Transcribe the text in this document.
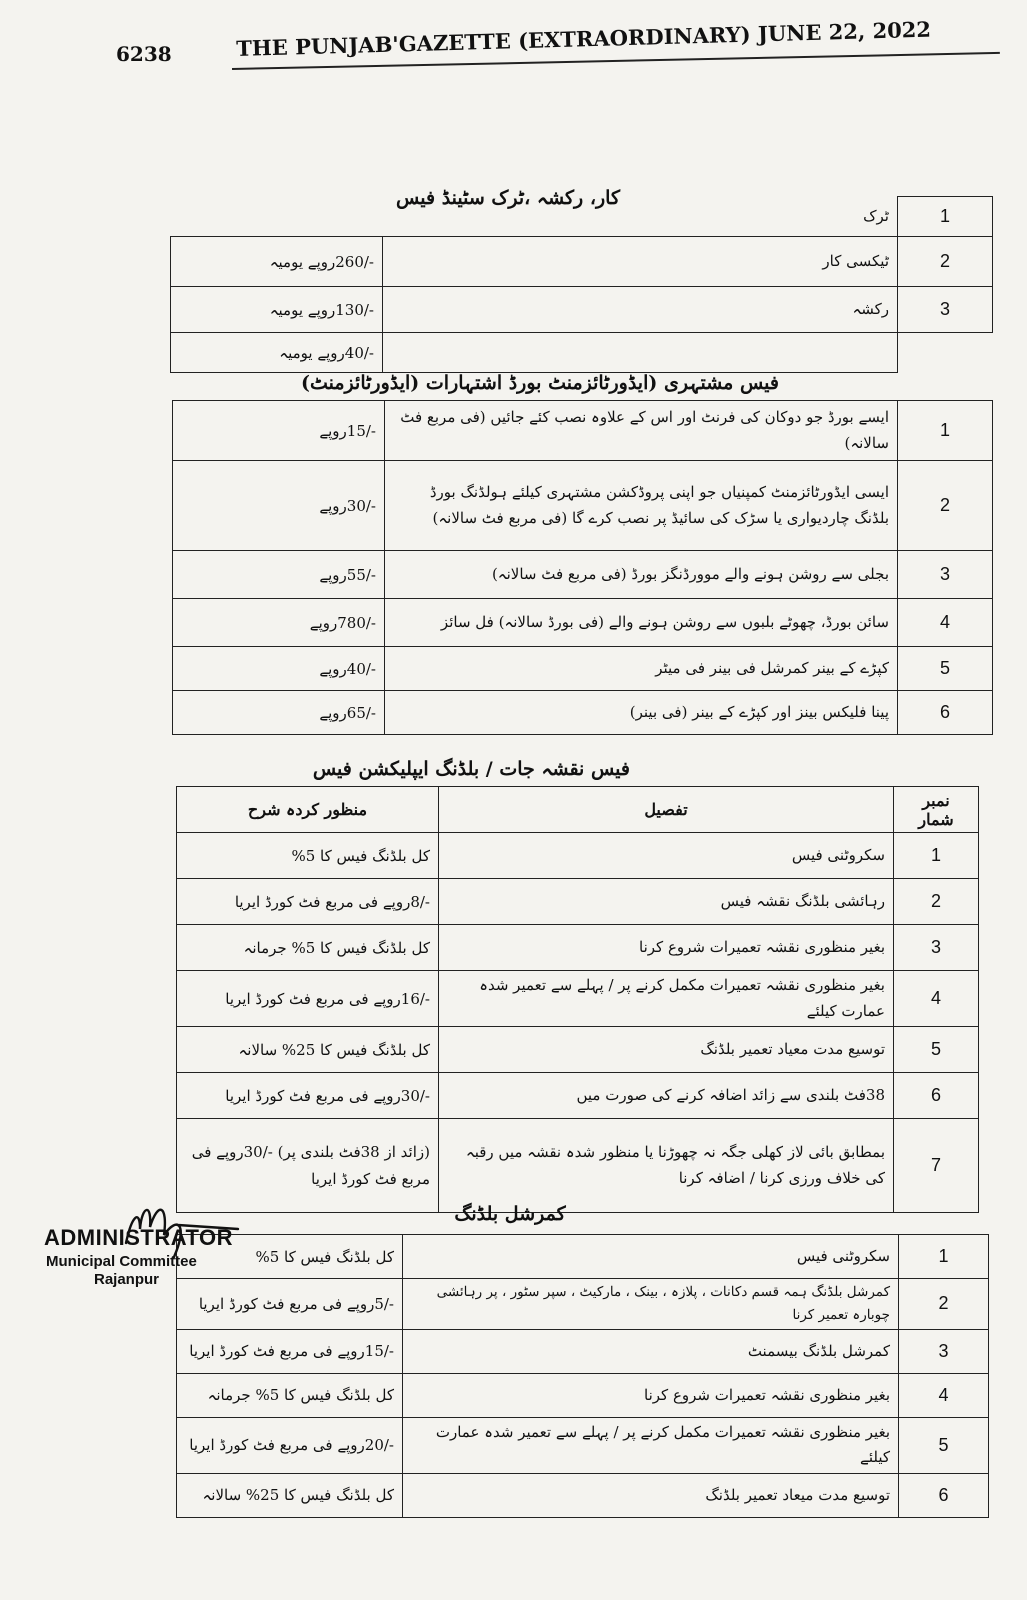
6238	THE PUNJAB'GAZETTE (EXTRAORDINARY) JUNE 22, 2022
کار، رکشہ ،ٹرک سٹینڈ فیس
	ٹرک	1
-/260روپے یومیہ	ٹیکسی کار	2
-/130روپے یومیہ	رکشہ	3
-/40روپے یومیہ		
فیس مشتہری (ایڈورٹائزمنٹ بورڈ اشتہارات (ایڈورٹائزمنٹ)
-/15روپے	ایسے بورڈ جو دوکان کی فرنٹ اور اس کے علاوہ نصب کئے جائیں (فی مربع فٹ سالانہ)	1
-/30روپے	ایسی ایڈورٹائزمنٹ کمپنیاں جو اپنی پروڈکشن مشتہری کیلئے ہولڈنگ بورڈ بلڈنگ چاردیواری یا سڑک کی سائیڈ پر نصب کرے گا (فی مربع فٹ سالانہ)	2
-/55روپے	بجلی سے روشن ہونے والے موورڈنگز بورڈ (فی مربع فٹ سالانہ)	3
-/780روپے	سائن بورڈ، چھوٹے بلبوں سے روشن ہونے والے (فی بورڈ سالانہ) فل سائز	4
-/40روپے	کپڑے کے بینر کمرشل فی بینر فی میٹر	5
-/65روپے	پینا فلیکس بینز اور کپڑے کے بینر (فی بینر)	6
فیس نقشہ جات / بلڈنگ ایپلیکشن فیس
منظور کردہ شرح	تفصیل	نمبر شمار
کل بلڈنگ فیس کا 5%	سکروٹنی فیس	1
-/8روپے فی مربع فٹ کورڈ ایریا	رہائشی بلڈنگ نقشہ فیس	2
کل بلڈنگ فیس کا 5% جرمانہ	بغیر منظوری نقشہ تعمیرات شروع کرنا	3
-/16روپے فی مربع فٹ کورڈ ایریا	بغیر منظوری نقشہ تعمیرات مکمل کرنے پر / پہلے سے تعمیر شدہ عمارت کیلئے	4
کل بلڈنگ فیس کا 25% سالانہ	توسیع مدت معیاد تعمیر بلڈنگ	5
-/30روپے فی مربع فٹ کورڈ ایریا	38فٹ بلندی سے زائد اضافہ کرنے کی صورت میں	6
(زائد از 38فٹ بلندی پر) -/30روپے فی مربع فٹ کورڈ ایریا	بمطابق بائی لاز کھلی جگہ نہ چھوڑنا یا منظور شدہ نقشہ میں رقبہ کی خلاف ورزی کرنا / اضافہ کرنا	7
کمرشل بلڈنگ
کل بلڈنگ فیس کا 5%	سکروٹنی فیس	1
-/5روپے فی مربع فٹ کورڈ ایریا	کمرشل بلڈنگ ہمہ قسم دکانات ، پلازہ ، بینک ، مارکیٹ ، سپر سٹور ، پر رہائشی چوبارہ تعمیر کرنا	2
-/15روپے فی مربع فٹ کورڈ ایریا	کمرشل بلڈنگ بیسمنٹ	3
کل بلڈنگ فیس کا 5% جرمانہ	بغیر منظوری نقشہ تعمیرات شروع کرنا	4
-/20روپے فی مربع فٹ کورڈ ایریا	بغیر منظوری نقشہ تعمیرات مکمل کرنے پر / پہلے سے تعمیر شدہ عمارت کیلئے	5
کل بلڈنگ فیس کا 25% سالانہ	توسیع مدت میعاد تعمیر بلڈنگ	6
ADMINISTRATOR
Municipal Committee
Rajanpur
